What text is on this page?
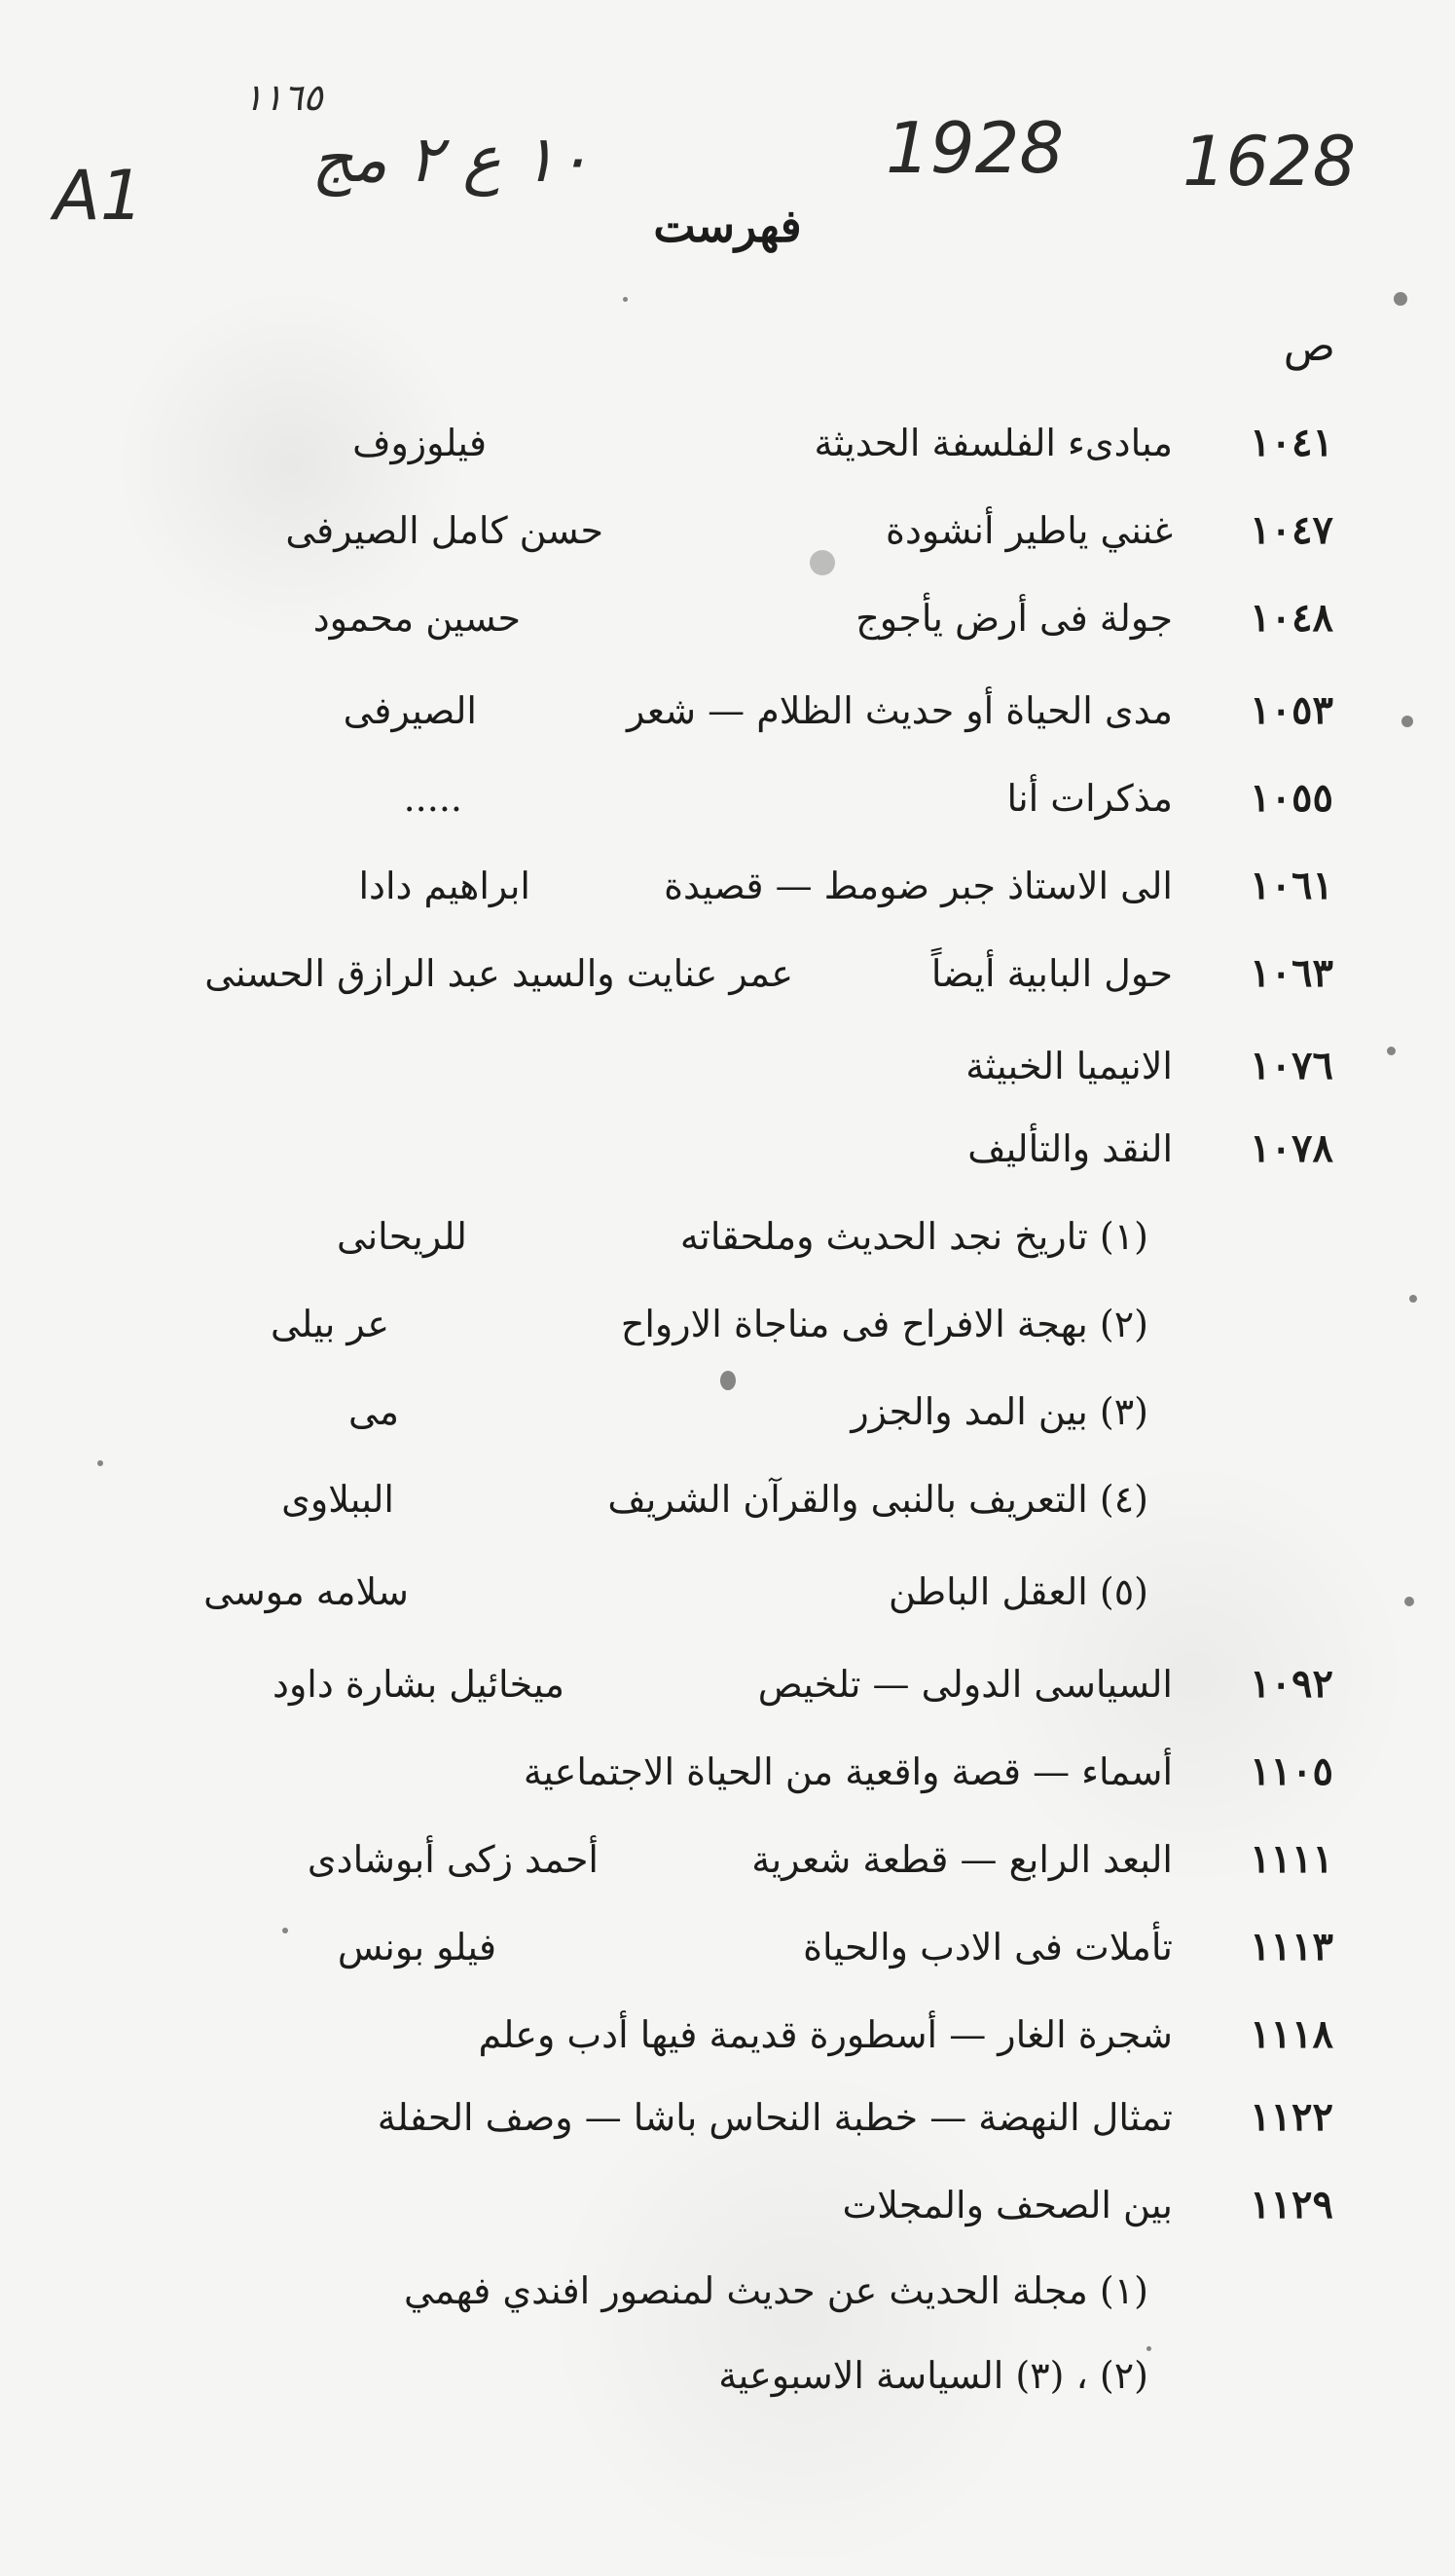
A1	١٠ ع ٢ مج
١١٦٥
1928 1628
فهرست
ص
١٠٤١
مبادىء الفلسفة الحديثة
فيلوزوف
١٠٤٧
غنني ياطير أنشودة
حسن كامل الصيرفى
١٠٤٨
جولة فى أرض يأجوج
حسين محمود
١٠٥٣
مدى الحياة أو حديث الظلام — شعر
الصيرفى
١٠٥٥
مذكرات أنا
.....
١٠٦١
الى الاستاذ جبر ضومط — قصيدة
ابراهيم دادا
١٠٦٣
حول البابية أيضاً
عمر عنايت والسيد عبد الرازق الحسنى
١٠٧٦
الانيميا الخبيثة
١٠٧٨
النقد والتأليف
(١) تاريخ نجد الحديث وملحقاته
للريحانى
(٢) بهجة الافراح فى مناجاة الارواح
عر بيلى
(٣) بين المد والجزر
مى
(٤) التعريف بالنبى والقرآن الشريف
الببلاوى
(٥) العقل الباطن
سلامه موسى
١٠٩٢
السياسى الدولى — تلخيص
ميخائيل بشارة داود
١١٠٥
أسماء — قصة واقعية من الحياة الاجتماعية
١١١١
البعد الرابع — قطعة شعرية
أحمد زكى أبوشادى
١١١٣
تأملات فى الادب والحياة
فيلو بونس
١١١٨
شجرة الغار — أسطورة قديمة فيها أدب وعلم
١١٢٢
تمثال النهضة — خطبة النحاس باشا — وصف الحفلة
١١٢٩
بين الصحف والمجلات
(١) مجلة الحديث عن حديث لمنصور افندي فهمي
(٢) ، (٣) السياسة الاسبوعية
